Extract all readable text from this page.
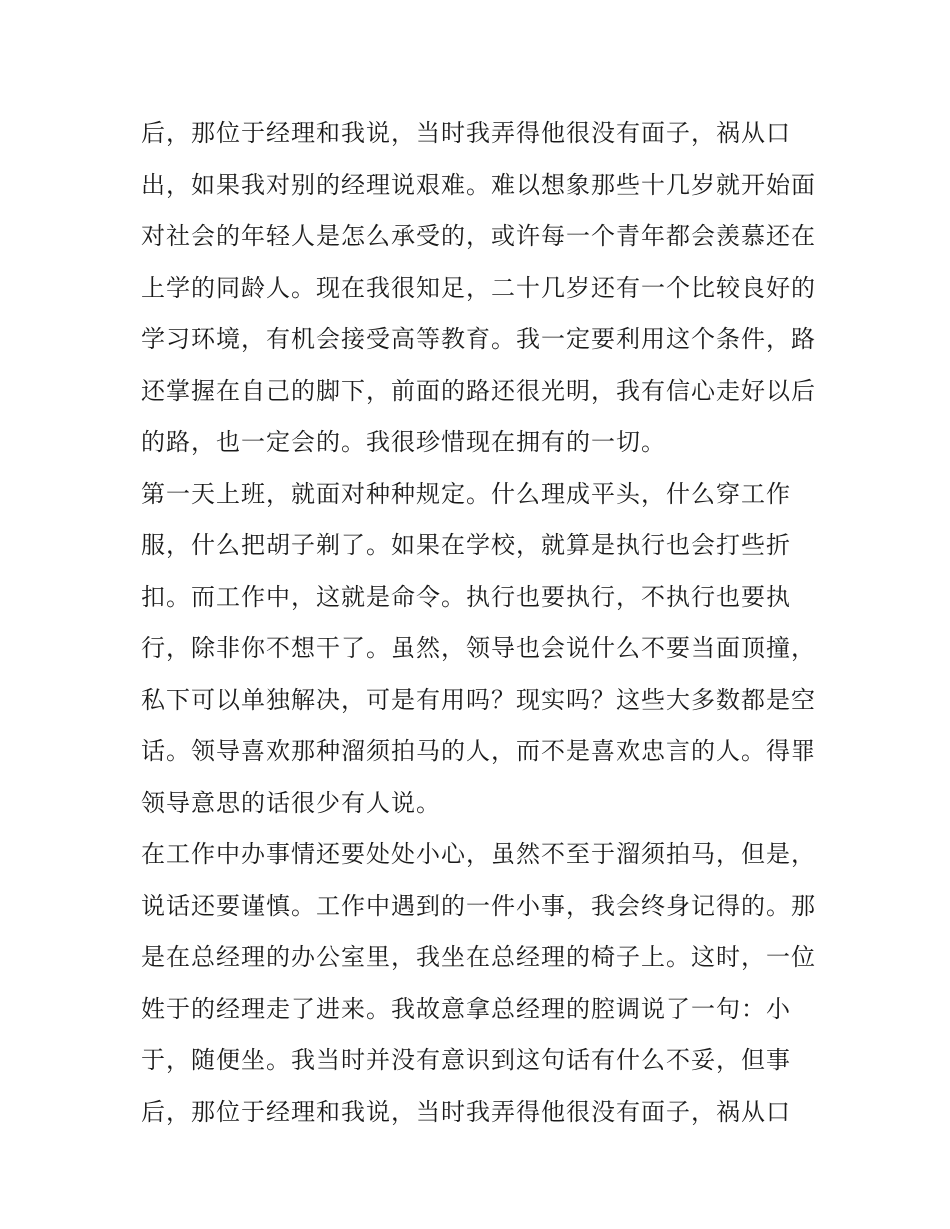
后，那位于经理和我说，当时我弄得他很没有面子，祸从口
出，如果我对别的经理说艰难。难以想象那些十几岁就开始面
对社会的年轻人是怎么承受的，或许每一个青年都会羡慕还在
上学的同龄人。现在我很知足，二十几岁还有一个比较良好的
学习环境，有机会接受高等教育。我一定要利用这个条件，路
还掌握在自己的脚下，前面的路还很光明，我有信心走好以后
的路，也一定会的。我很珍惜现在拥有的一切。
第一天上班，就面对种种规定。什么理成平头，什么穿工作
服，什么把胡子剃了。如果在学校，就算是执行也会打些折
扣。而工作中，这就是命令。执行也要执行，不执行也要执
行，除非你不想干了。虽然，领导也会说什么不要当面顶撞，
私下可以单独解决，可是有用吗？现实吗？这些大多数都是空
话。领导喜欢那种溜须拍马的人，而不是喜欢忠言的人。得罪
领导意思的话很少有人说。
在工作中办事情还要处处小心，虽然不至于溜须拍马，但是，
说话还要谨慎。工作中遇到的一件小事，我会终身记得的。那
是在总经理的办公室里，我坐在总经理的椅子上。这时，一位
姓于的经理走了进来。我故意拿总经理的腔调说了一句：小
于，随便坐。我当时并没有意识到这句话有什么不妥，但事
后，那位于经理和我说，当时我弄得他很没有面子，祸从口
